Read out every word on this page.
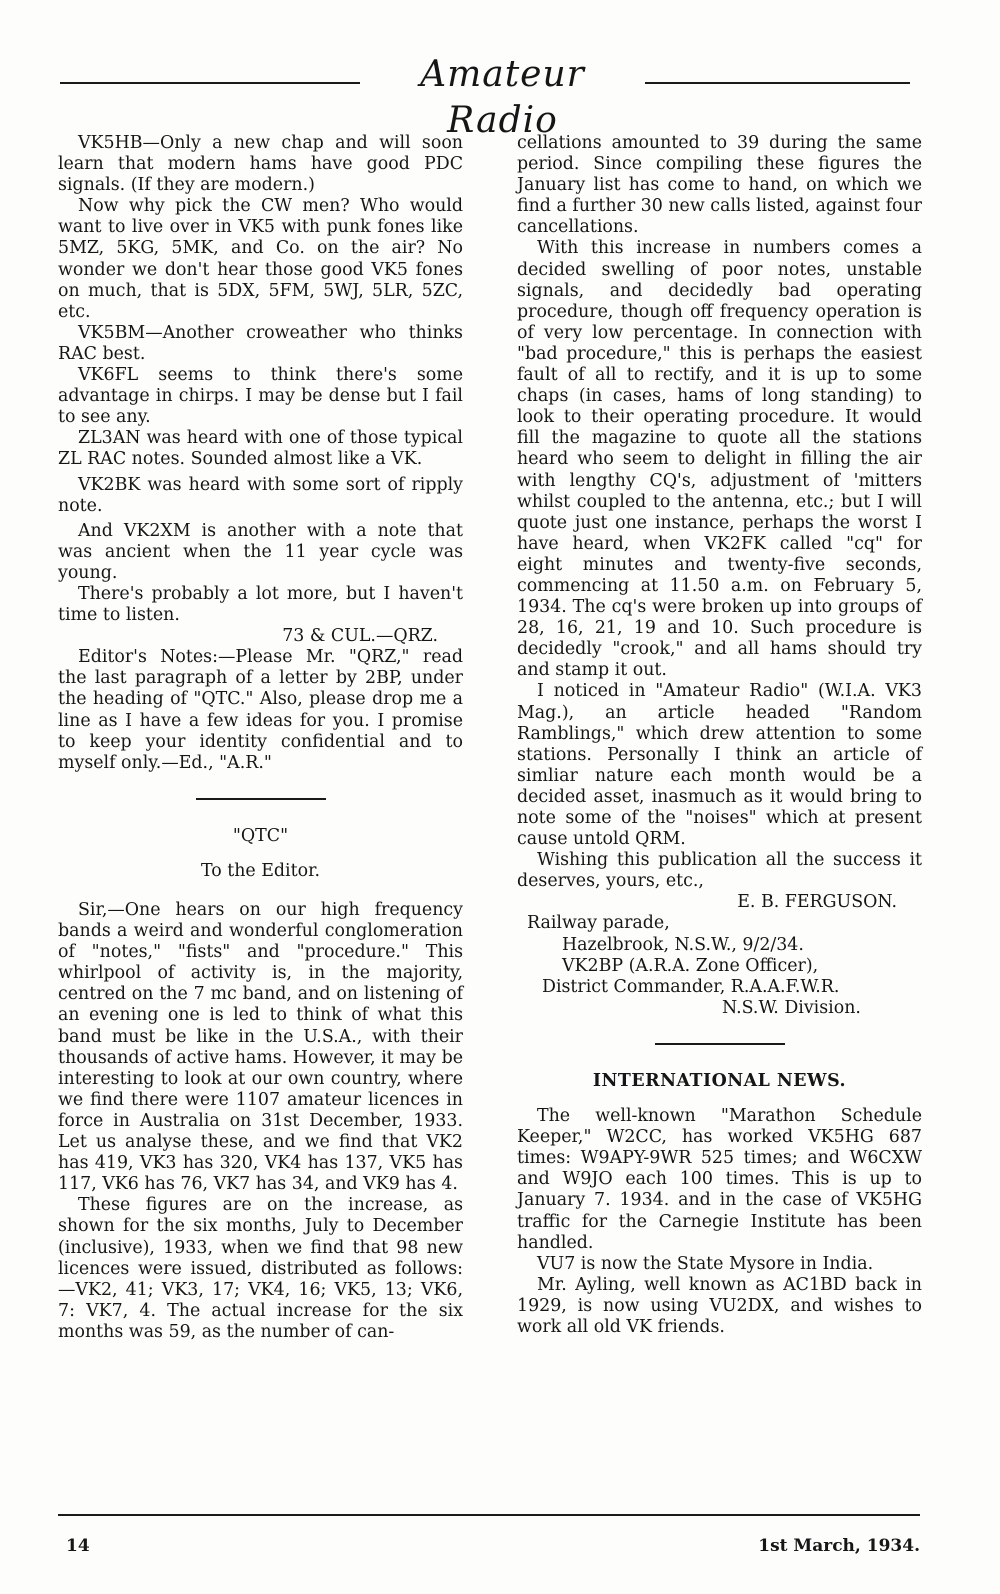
Amateur Radio

VK5HB—Only a new chap and will soon learn that modern hams have good PDC signals. (If they are modern.)

Now why pick the CW men? Who would want to live over in VK5 with punk fones like 5MZ, 5KG, 5MK, and Co. on the air? No wonder we don't hear those good VK5 fones on much, that is 5DX, 5FM, 5WJ, 5LR, 5ZC, etc.

VK5BM—Another croweather who thinks RAC best.

VK6FL seems to think there's some advantage in chirps. I may be dense but I fail to see any.

ZL3AN was heard with one of those typical ZL RAC notes. Sounded almost like a VK.

VK2BK was heard with some sort of ripply note.

And VK2XM is another with a note that was ancient when the 11 year cycle was young.

There's probably a lot more, but I haven't time to listen.

73 & CUL.—QRZ.

Editor's Notes:—Please Mr. "QRZ," read the last paragraph of a letter by 2BP, under the heading of "QTC." Also, please drop me a line as I have a few ideas for you. I promise to keep your identity confidential and to myself only.—Ed., "A.R."

"QTC"

To the Editor.

Sir,—One hears on our high frequency bands a weird and wonderful conglomeration of "notes," "fists" and "procedure." This whirlpool of activity is, in the majority, centred on the 7 mc band, and on listening of an evening one is led to think of what this band must be like in the U.S.A., with their thousands of active hams. However, it may be interesting to look at our own country, where we find there were 1107 amateur licences in force in Australia on 31st December, 1933. Let us analyse these, and we find that VK2 has 419, VK3 has 320, VK4 has 137, VK5 has 117, VK6 has 76, VK7 has 34, and VK9 has 4.

These figures are on the increase, as shown for the six months, July to December (inclusive), 1933, when we find that 98 new licences were issued, distributed as follows:—VK2, 41; VK3, 17; VK4, 16; VK5, 13; VK6, 7: VK7, 4. The actual increase for the six months was 59, as the number of can-

cellations amounted to 39 during the same period. Since compiling these figures the January list has come to hand, on which we find a further 30 new calls listed, against four cancellations.

With this increase in numbers comes a decided swelling of poor notes, unstable signals, and decidedly bad operating procedure, though off frequency operation is of very low percentage. In connection with "bad procedure," this is perhaps the easiest fault of all to rectify, and it is up to some chaps (in cases, hams of long standing) to look to their operating procedure. It would fill the magazine to quote all the stations heard who seem to delight in filling the air with lengthy CQ's, adjustment of 'mitters whilst coupled to the antenna, etc.; but I will quote just one instance, perhaps the worst I have heard, when VK2FK called "cq" for eight minutes and twenty-five seconds, commencing at 11.50 a.m. on February 5, 1934. The cq's were broken up into groups of 28, 16, 21, 19 and 10. Such procedure is decidedly "crook," and all hams should try and stamp it out.

I noticed in "Amateur Radio" (W.I.A. VK3 Mag.), an article headed "Random Ramblings," which drew attention to some stations. Personally I think an article of simliar nature each month would be a decided asset, inasmuch as it would bring to note some of the "noises" which at present cause untold QRM.

Wishing this publication all the success it deserves, yours, etc.,

E. B. FERGUSON.

Railway parade,

Hazelbrook, N.S.W., 9/2/34.

VK2BP (A.R.A. Zone Officer),

District Commander, R.A.A.F.W.R.

N.S.W. Division.

INTERNATIONAL NEWS.

The well-known "Marathon Schedule Keeper," W2CC, has worked VK5HG 687 times: W9APY-9WR 525 times; and W6CXW and W9JO each 100 times. This is up to January 7. 1934. and in the case of VK5HG traffic for the Carnegie Institute has been handled.

VU7 is now the State Mysore in India.

Mr. Ayling, well known as AC1BD back in 1929, is now using VU2DX, and wishes to work all old VK friends.

14	1st March, 1934.
